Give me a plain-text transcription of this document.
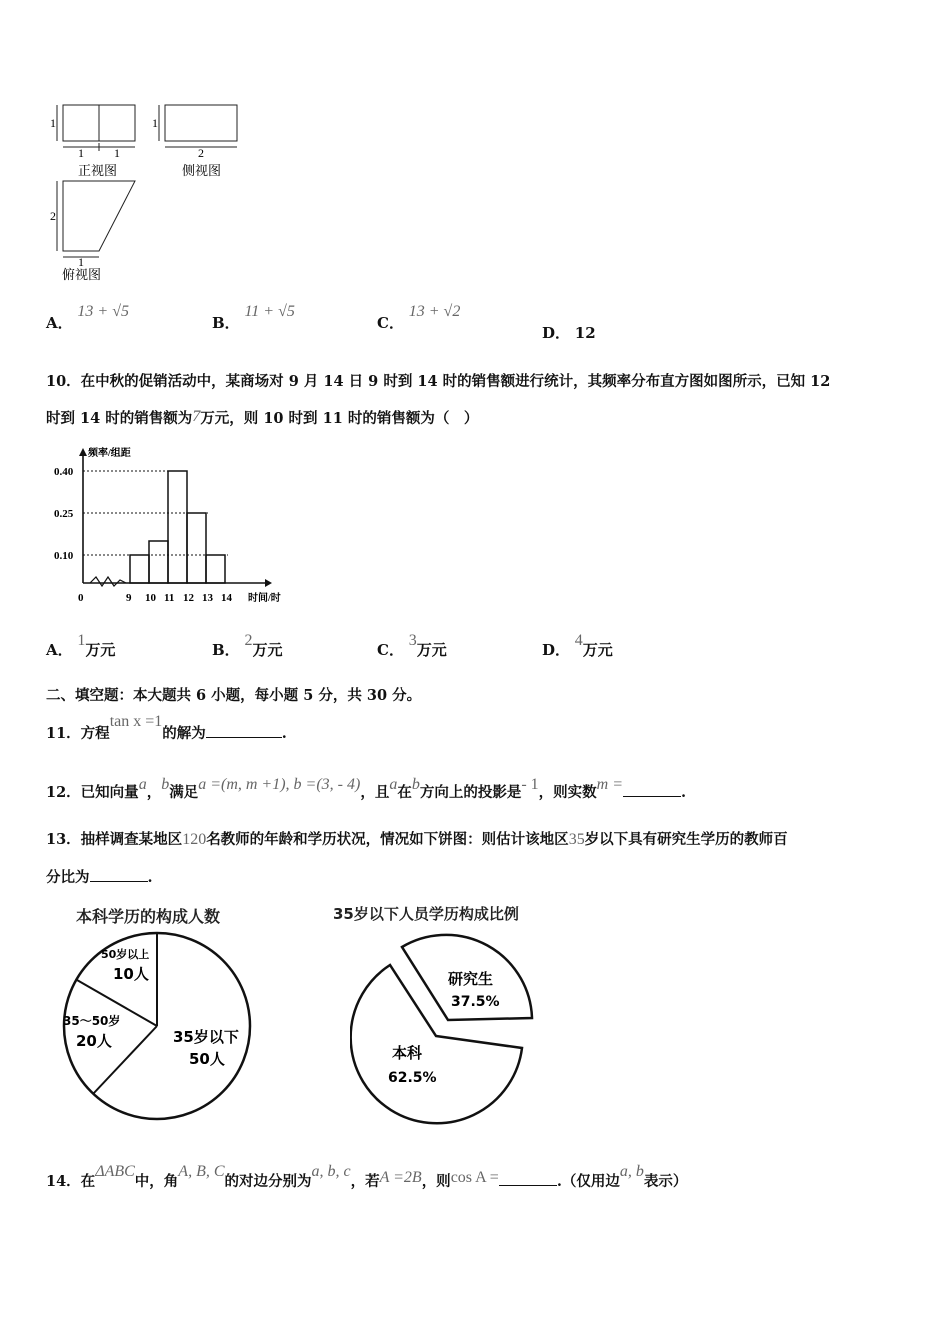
1
1	1
正视图
1
2
侧视图
2
1
俯视图
A． 13 + √5
B． 11 + √5
C． 13 + √2
D． 12
10．在中秋的促销活动中，某商场对 9 月 14 日 9 时到 14 时的销售额进行统计，其频率分布直方图如图所示，已知 12
时到 14 时的销售额为7万元，则 10 时到 11 时的销售额为（　）
0.40
0.25
0.10
0	9 10 11 12 13 14
频率/组距
时间/时
A． 1万元	B． 2万元	C． 3万元	D． 4万元
二、填空题：本大题共 6 小题，每小题 5 分，共 30 分。
11．方程tan x =1的解为	.
12．已知向量a，b满足a =(m, m +1), b =(3, - 4)，且a在b方向上的投影是- 1，则实数m =	.
13．抽样调查某地区120名教师的年龄和学历状况，情况如下饼图：则估计该地区35岁以下具有研究生学历的教师百
分比为	.
本科学历的构成人数
50岁以上
10人
35～50岁
20人	35岁以下
50人
35岁以下人员学历构成比例
研究生
37.5%
本科
62.5%
14．在ΔABC中，角A, B, C的对边分别为a, b, c，若A =2B，则cos A =	.（仅用边a, b表示）
